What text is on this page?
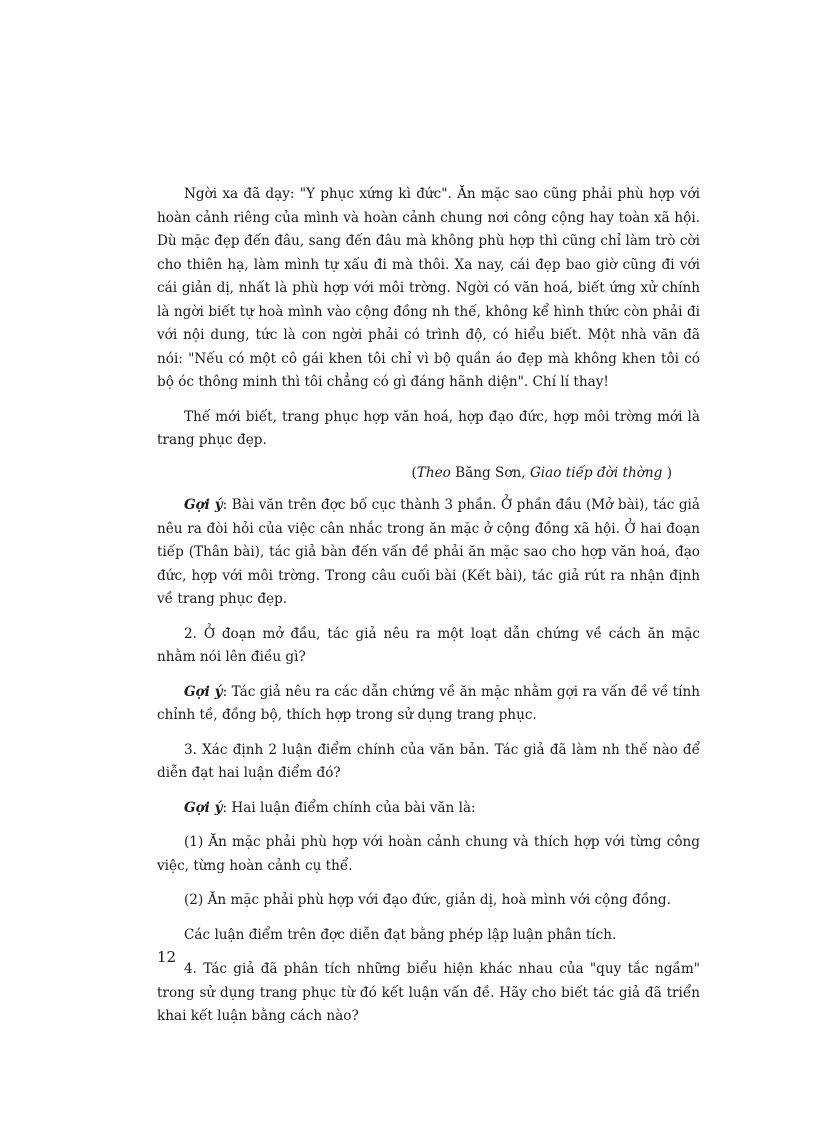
Ngời xa đã dạy: "Y phục xứng kì đức". Ăn mặc sao cũng phải phù hợp với hoàn cảnh riêng của mình và hoàn cảnh chung nơi công cộng hay toàn xã hội. Dù mặc đẹp đến đâu, sang đến đâu mà không phù hợp thì cũng chỉ làm trò cời cho thiên hạ, làm mình tự xấu đi mà thôi. Xa nay, cái đẹp bao giờ cũng đi với cái giản dị, nhất là phù hợp với môi trờng. Ngời có văn hoá, biết ứng xử chính là ngời biết tự hoà mình vào cộng đồng nh thế, không kể hình thức còn phải đi với nội dung, tức là con ngời phải có trình độ, có hiểu biết. Một nhà văn đã nói: "Nếu có một cô gái khen tôi chỉ vì bộ quần áo đẹp mà không khen tôi có bộ óc thông minh thì tôi chẳng có gì đáng hãnh diện". Chí lí thay!

Thế mới biết, trang phục hợp văn hoá, hợp đạo đức, hợp môi trờng mới là trang phục đẹp.

(Theo Băng Sơn, Giao tiếp đời thờng )

Gợi ý: Bài văn trên đợc bố cục thành 3 phần. Ở phần đầu (Mở bài), tác giả nêu ra đòi hỏi của việc cân nhắc trong ăn mặc ở cộng đồng xã hội. Ở hai đoạn tiếp (Thân bài), tác giả bàn đến vấn đề phải ăn mặc sao cho hợp văn hoá, đạo đức, hợp với môi trờng. Trong câu cuối bài (Kết bài), tác giả rút ra nhận định về trang phục đẹp.

2. Ở đoạn mở đầu, tác giả nêu ra một loạt dẫn chứng về cách ăn mặc nhằm nói lên điều gì?

Gợi ý: Tác giả nêu ra các dẫn chứng về ăn mặc nhằm gợi ra vấn đề về tính chỉnh tề, đồng bộ, thích hợp trong sử dụng trang phục.

3. Xác định 2 luận điểm chính của văn bản. Tác giả đã làm nh thế nào để diễn đạt hai luận điểm đó?

Gợi ý: Hai luận điểm chính của bài văn là:

(1) Ăn mặc phải phù hợp với hoàn cảnh chung và thích hợp với từng công việc, từng hoàn cảnh cụ thể.

(2) Ăn mặc phải phù hợp với đạo đức, giản dị, hoà mình với cộng đồng.

Các luận điểm trên đợc diễn đạt bằng phép lập luận phân tích.

4. Tác giả đã phân tích những biểu hiện khác nhau của "quy tắc ngầm" trong sử dụng trang phục từ đó kết luận vấn đề. Hãy cho biết tác giả đã triển khai kết luận bằng cách nào?

12
